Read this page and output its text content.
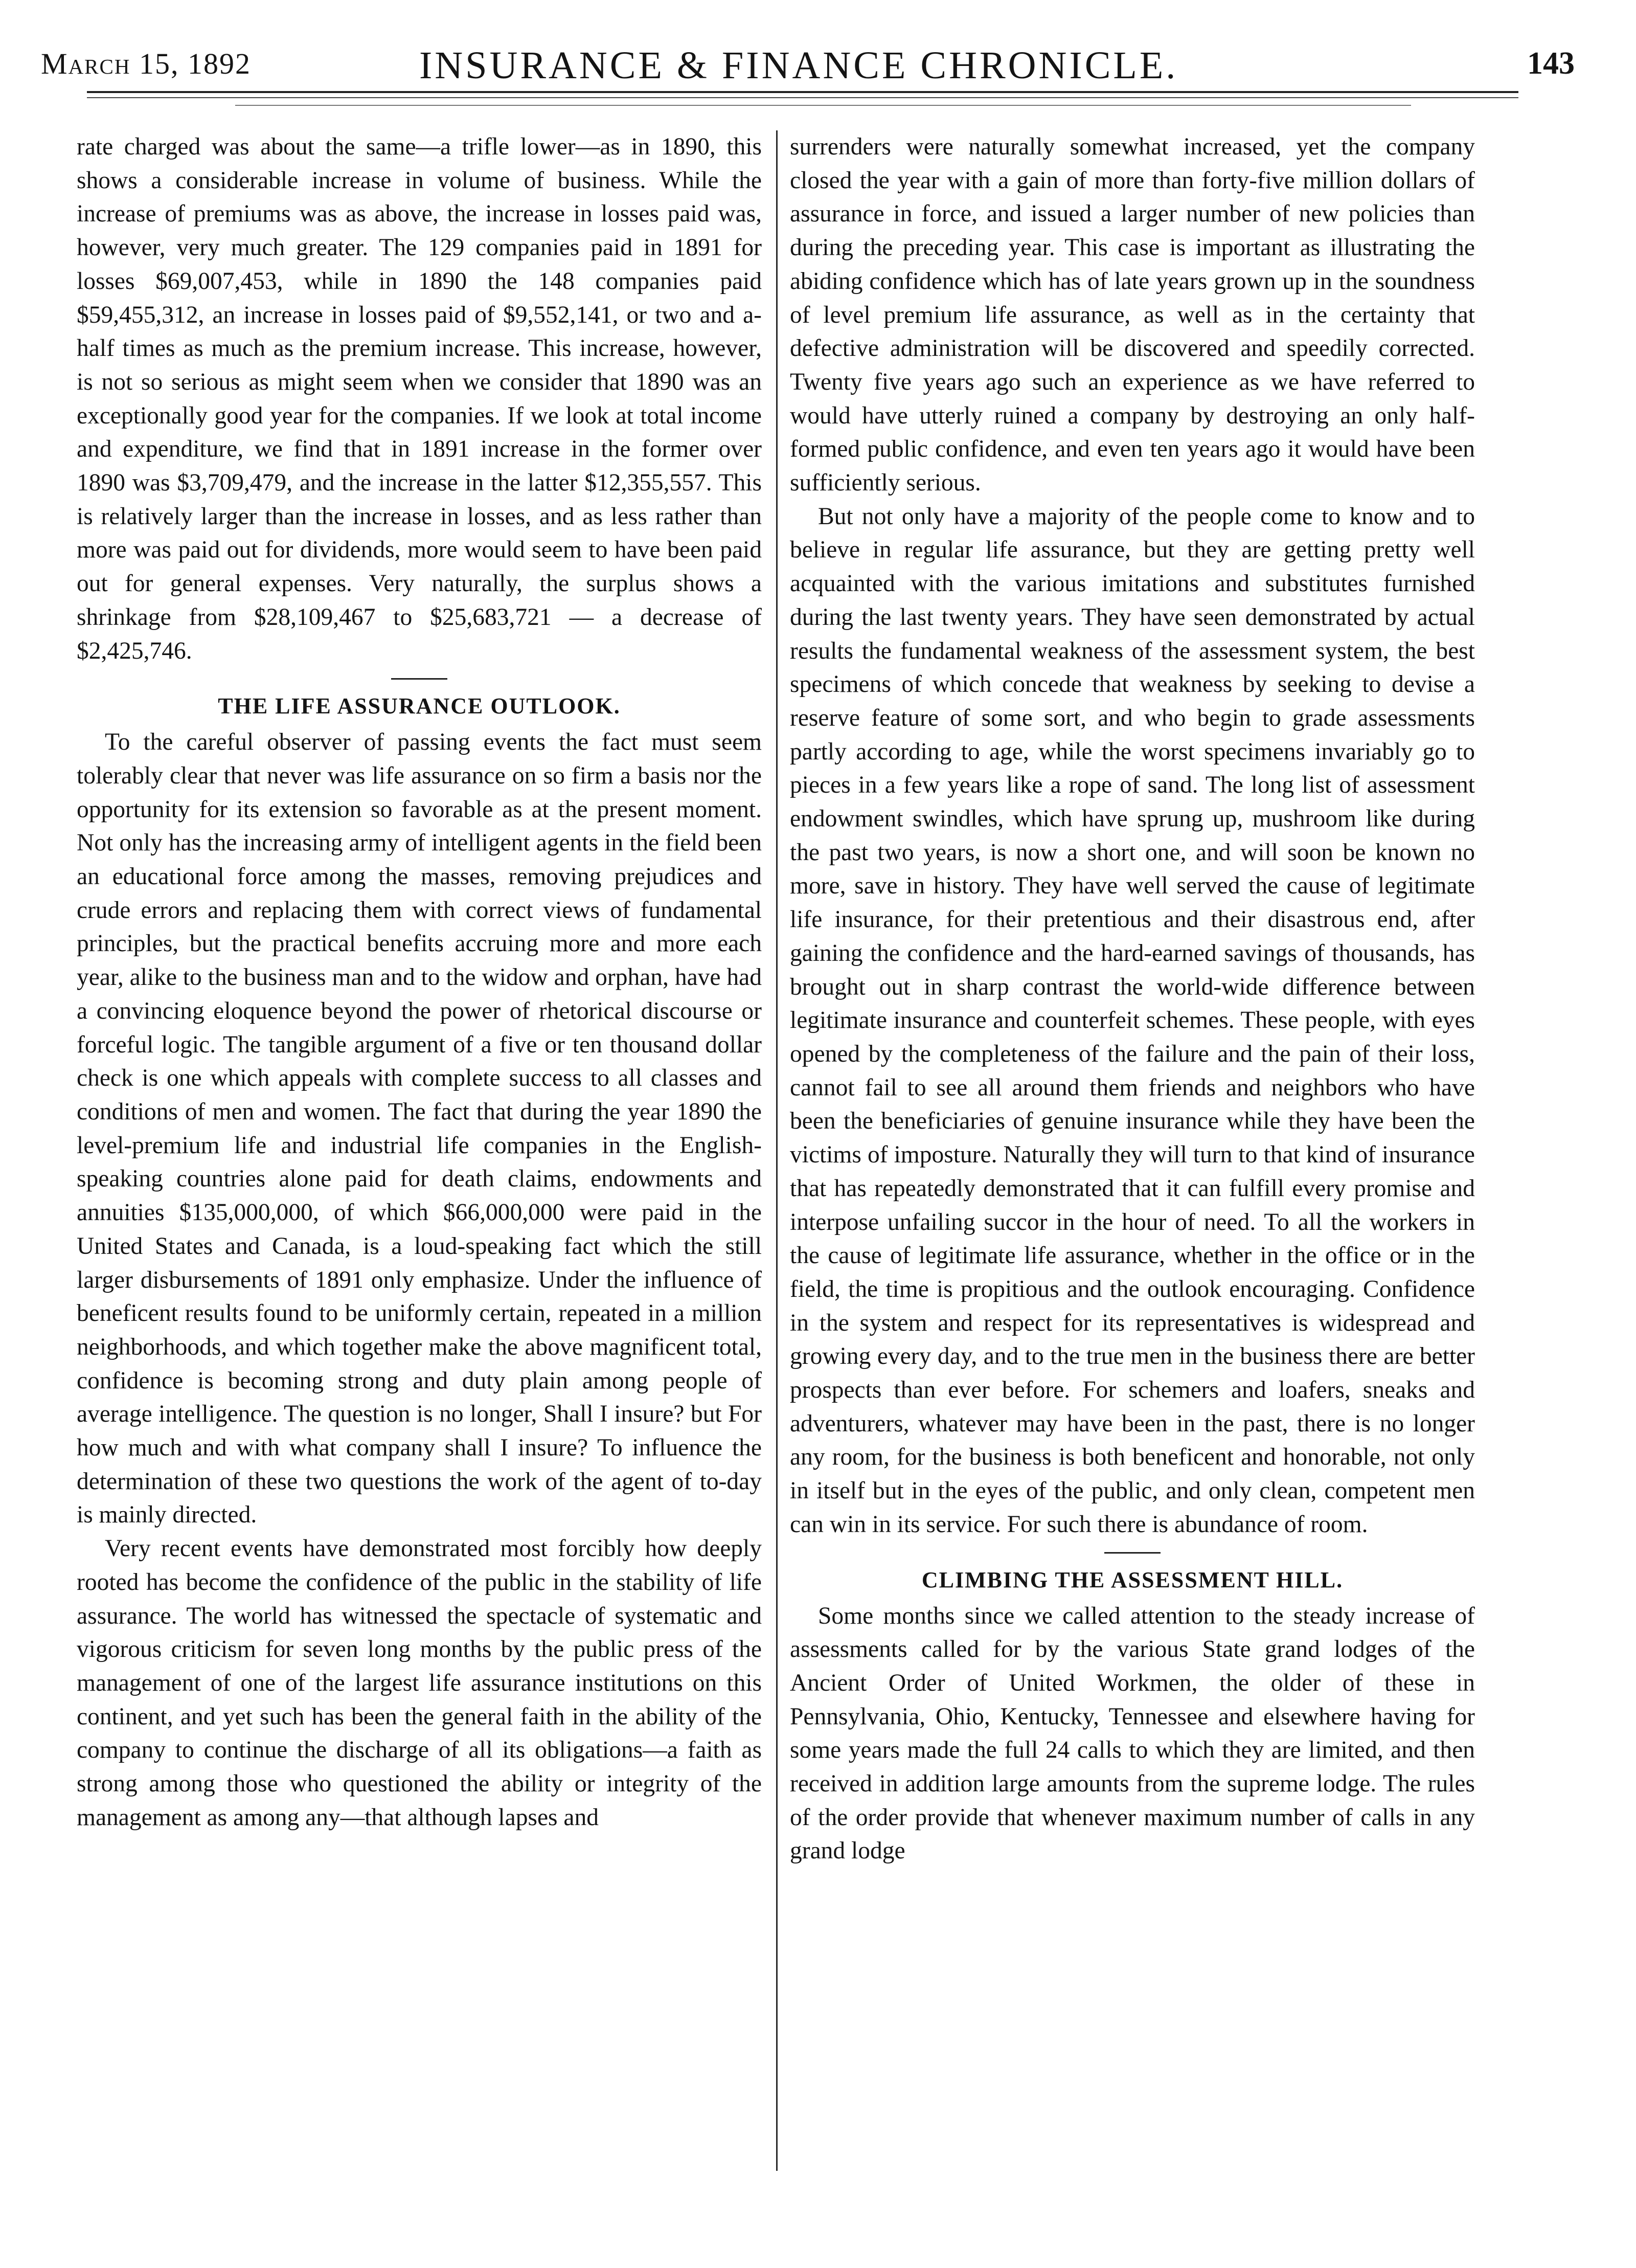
March 15, 1892	INSURANCE & FINANCE CHRONICLE.	143

rate charged was about the same—a trifle lower—as in 1890, this shows a considerable increase in volume of business. While the increase of premiums was as above, the increase in losses paid was, however, very much greater. The 129 companies paid in 1891 for losses $69,007,453, while in 1890 the 148 companies paid $59,455,312, an increase in losses paid of $9,552,141, or two and a-half times as much as the premium increase. This increase, however, is not so serious as might seem when we consider that 1890 was an exceptionally good year for the companies. If we look at total income and expenditure, we find that in 1891 increase in the former over 1890 was $3,709,479, and the increase in the latter $12,355,557. This is relatively larger than the increase in losses, and as less rather than more was paid out for dividends, more would seem to have been paid out for general expenses. Very naturally, the surplus shows a shrinkage from $28,109,467 to $25,683,721 — a decrease of $2,425,746.

THE LIFE ASSURANCE OUTLOOK.

To the careful observer of passing events the fact must seem tolerably clear that never was life assurance on so firm a basis nor the opportunity for its extension so favorable as at the present moment. Not only has the increasing army of intelligent agents in the field been an educational force among the masses, removing prejudices and crude errors and replacing them with correct views of fundamental principles, but the practical benefits accruing more and more each year, alike to the business man and to the widow and orphan, have had a convincing eloquence beyond the power of rhetorical discourse or forceful logic. The tangible argument of a five or ten thousand dollar check is one which appeals with complete success to all classes and conditions of men and women. The fact that during the year 1890 the level-premium life and industrial life companies in the English-speaking countries alone paid for death claims, endowments and annuities $135,000,000, of which $66,000,000 were paid in the United States and Canada, is a loud-speaking fact which the still larger disbursements of 1891 only emphasize. Under the influence of beneficent results found to be uniformly certain, repeated in a million neighborhoods, and which together make the above magnificent total, confidence is becoming strong and duty plain among people of average intelligence. The question is no longer, Shall I insure? but For how much and with what company shall I insure? To influence the determination of these two questions the work of the agent of to-day is mainly directed.

Very recent events have demonstrated most forcibly how deeply rooted has become the confidence of the public in the stability of life assurance. The world has witnessed the spectacle of systematic and vigorous criticism for seven long months by the public press of the management of one of the largest life assurance institutions on this continent, and yet such has been the general faith in the ability of the company to continue the discharge of all its obligations—a faith as strong among those who questioned the ability or integrity of the management as among any—that although lapses and

surrenders were naturally somewhat increased, yet the company closed the year with a gain of more than forty-five million dollars of assurance in force, and issued a larger number of new policies than during the preceding year. This case is important as illustrating the abiding confidence which has of late years grown up in the soundness of level premium life assurance, as well as in the certainty that defective administration will be discovered and speedily corrected. Twenty five years ago such an experience as we have referred to would have utterly ruined a company by destroying an only half-formed public confidence, and even ten years ago it would have been sufficiently serious.

But not only have a majority of the people come to know and to believe in regular life assurance, but they are getting pretty well acquainted with the various imitations and substitutes furnished during the last twenty years. They have seen demonstrated by actual results the fundamental weakness of the assessment system, the best specimens of which concede that weakness by seeking to devise a reserve feature of some sort, and who begin to grade assessments partly according to age, while the worst specimens invariably go to pieces in a few years like a rope of sand. The long list of assessment endowment swindles, which have sprung up, mushroom like during the past two years, is now a short one, and will soon be known no more, save in history. They have well served the cause of legitimate life insurance, for their pretentious and their disastrous end, after gaining the confidence and the hard-earned savings of thousands, has brought out in sharp contrast the world-wide difference between legitimate insurance and counterfeit schemes. These people, with eyes opened by the completeness of the failure and the pain of their loss, cannot fail to see all around them friends and neighbors who have been the beneficiaries of genuine insurance while they have been the victims of imposture. Naturally they will turn to that kind of insurance that has repeatedly demonstrated that it can fulfill every promise and interpose unfailing succor in the hour of need. To all the workers in the cause of legitimate life assurance, whether in the office or in the field, the time is propitious and the outlook encouraging. Confidence in the system and respect for its representatives is widespread and growing every day, and to the true men in the business there are better prospects than ever before. For schemers and loafers, sneaks and adventurers, whatever may have been in the past, there is no longer any room, for the business is both beneficent and honorable, not only in itself but in the eyes of the public, and only clean, competent men can win in its service. For such there is abundance of room.

CLIMBING THE ASSESSMENT HILL.

Some months since we called attention to the steady increase of assessments called for by the various State grand lodges of the Ancient Order of United Workmen, the older of these in Pennsylvania, Ohio, Kentucky, Tennessee and elsewhere having for some years made the full 24 calls to which they are limited, and then received in addition large amounts from the supreme lodge. The rules of the order provide that whenever maximum number of calls in any grand lodge
